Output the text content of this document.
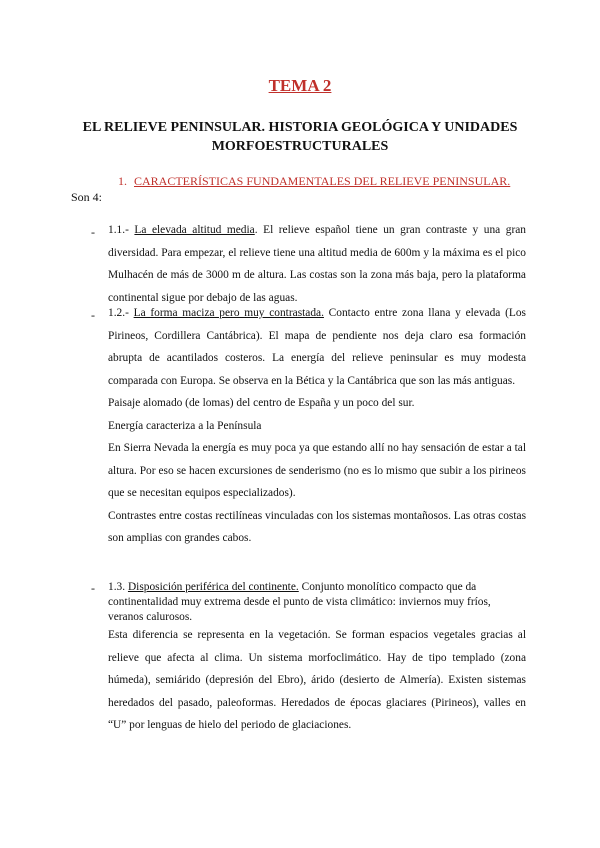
TEMA 2
EL RELIEVE PENINSULAR. HISTORIA GEOLÓGICA Y UNIDADES MORFOESTRUCTURALES
1. CARACTERÍSTICAS FUNDAMENTALES DEL RELIEVE PENINSULAR.
Son 4:
- 1.1.- La elevada altitud media. El relieve español tiene un gran contraste y una gran diversidad. Para empezar, el relieve tiene una altitud media de 600m y la máxima es el pico Mulhacén de más de 3000 m de altura. Las costas son la zona más baja, pero la plataforma continental sigue por debajo de las aguas.

- 1.2.- La forma maciza pero muy contrastada. Contacto entre zona llana y elevada (Los Pirineos, Cordillera Cantábrica). El mapa de pendiente nos deja claro esa formación abrupta de acantilados costeros. La energía del relieve peninsular es muy modesta comparada con Europa. Se observa en la Bética y la Cantábrica que son las más antiguas.

Paisaje alomado (de lomas) del centro de España y un poco del sur.

Energía caracteriza a la Península

En Sierra Nevada la energía es muy poca ya que estando allí no hay sensación de estar a tal altura. Por eso se hacen excursiones de senderismo (no es lo mismo que subir a los pirineos que se necesitan equipos especializados).

Contrastes entre costas rectilíneas vinculadas con los sistemas montañosos. Las otras costas son amplias con grandes cabos.

- 1.3. Disposición periférica del continente. Conjunto monolítico compacto que da continentalidad muy extrema desde el punto de vista climático: inviernos muy fríos, veranos calurosos.

Esta diferencia se representa en la vegetación. Se forman espacios vegetales gracias al relieve que afecta al clima. Un sistema morfoclimático. Hay de tipo templado (zona húmeda), semiárido (depresión del Ebro), árido (desierto de Almería). Existen sistemas heredados del pasado, paleoformas. Heredados de épocas glaciares (Pirineos), valles en “U” por lenguas de hielo del periodo de glaciaciones.
